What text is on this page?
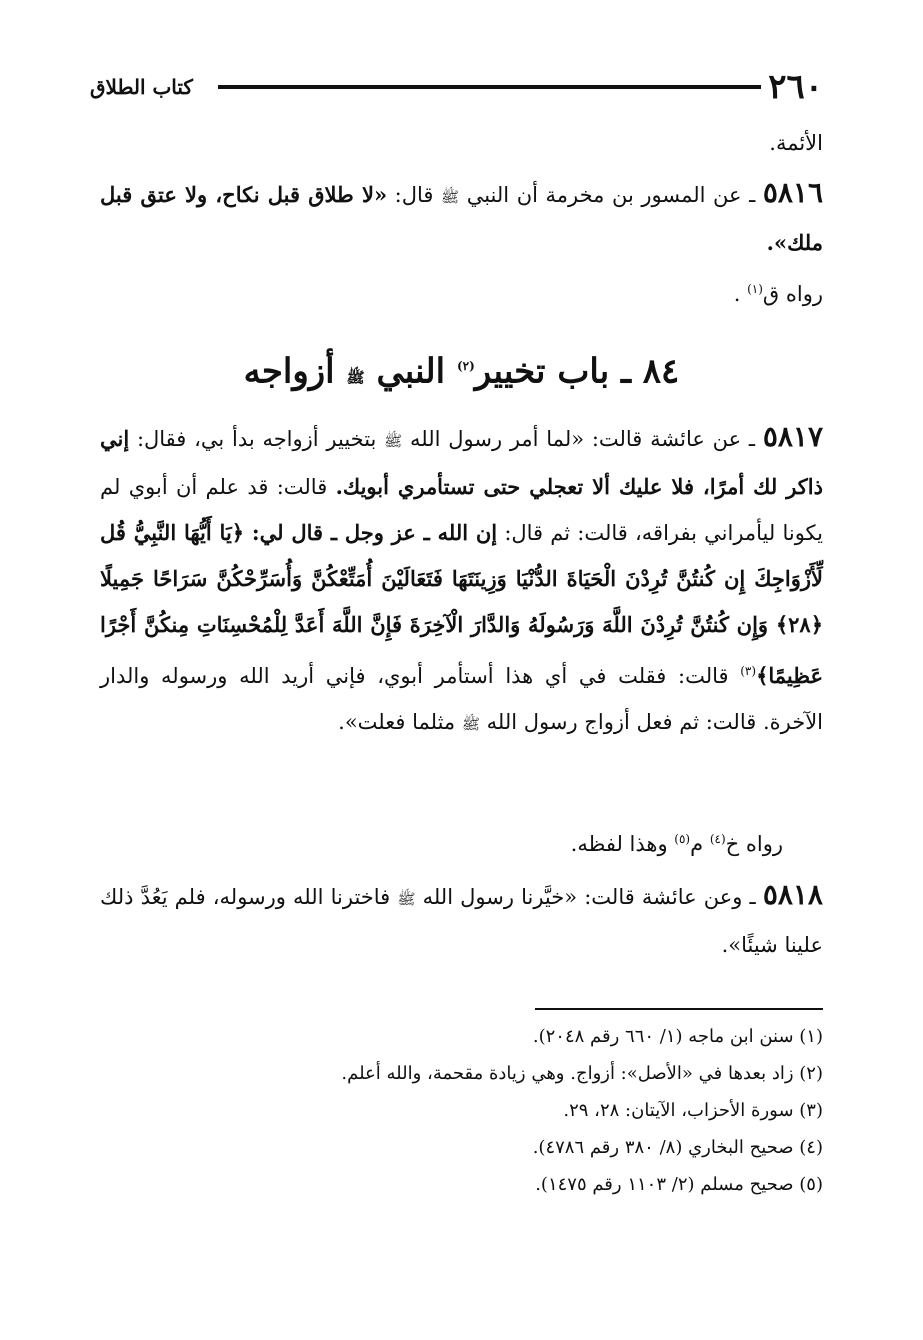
٢٦٠
كتاب الطلاق

الأئمة.

٥٨١٦ ـ عن المسور بن مخرمة أن النبي ﷺ قال: «لا طلاق قبل نكاح، ولا عتق قبل ملك».

رواه ق$^{(١)}$ .

٨٤ ـ باب تخيير$^{(٢)}$ النبي ﷺ أزواجه

٥٨١٧ ـ عن عائشة قالت: «لما أمر رسول الله ﷺ بتخيير أزواجه بدأ بي، فقال: إني ذاكر لك أمرًا، فلا عليك ألا تعجلي حتى تستأمري أبويك. قالت: قد علم أن أبوي لم يكونا ليأمراني بفراقه، قالت: ثم قال: إن الله ـ عز وجل ـ قال لي: ﴿يَا أَيُّهَا النَّبِيُّ قُل لِّأَزْوَاجِكَ إِن كُنتُنَّ تُرِدْنَ الْحَيَاةَ الدُّنْيَا وَزِينَتَهَا فَتَعَالَيْنَ أُمَتِّعْكُنَّ وَأُسَرِّحْكُنَّ سَرَاحًا جَمِيلًا ﴿٢٨﴾ وَإِن كُنتُنَّ تُرِدْنَ اللَّهَ وَرَسُولَهُ وَالدَّارَ الْآخِرَةَ فَإِنَّ اللَّهَ أَعَدَّ لِلْمُحْسِنَاتِ مِنكُنَّ أَجْرًا عَظِيمًا﴾$^{(٣)}$ قالت: فقلت في أي هذا أستأمر أبوي، فإني أريد الله ورسوله والدار الآخرة. قالت: ثم فعل أزواج رسول الله ﷺ مثلما فعلت».

رواه خ$^{(٤)}$ م$^{(٥)}$ وهذا لفظه.

٥٨١٨ ـ وعن عائشة قالت: «خيَّرنا رسول الله ﷺ فاخترنا الله ورسوله، فلم يَعُدَّ ذلك علينا شيئًا».

(١) سنن ابن ماجه (١/ ٦٦٠ رقم ٢٠٤٨).

(٢) زاد بعدها في «الأصل»: أزواج. وهي زيادة مقحمة، والله أعلم.

(٣) سورة الأحزاب، الآيتان: ٢٨، ٢٩.

(٤) صحيح البخاري (٨/ ٣٨٠ رقم ٤٧٨٦).

(٥) صحيح مسلم (٢/ ١١٠٣ رقم ١٤٧٥).
